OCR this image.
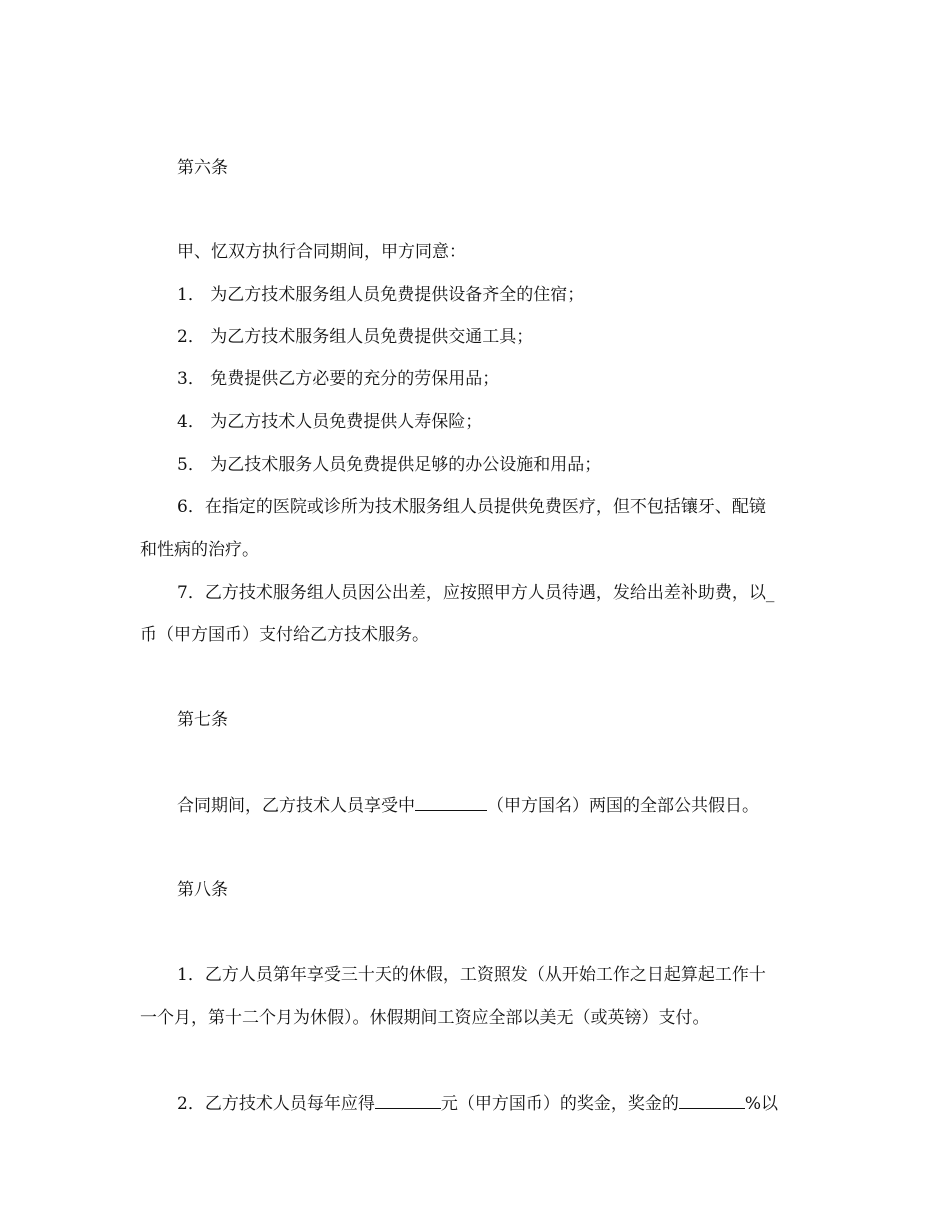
第六条
甲、忆双方执行合同期间，甲方同意：
1． 为乙方技术服务组人员免费提供设备齐全的住宿；
2． 为乙方技术服务组人员免费提供交通工具；
3． 免费提供乙方必要的充分的劳保用品；
4． 为乙方技术人员免费提供人寿保险；
5． 为乙技术服务人员免费提供足够的办公设施和用品；
6．在指定的医院或诊所为技术服务组人员提供免费医疗，但不包括镶牙、配镜
和性病的治疗。
7．乙方技术服务组人员因公出差，应按照甲方人员待遇，发给出差补助费，以_
币（甲方国币）支付给乙方技术服务。
第七条
合同期间，乙方技术人员享受中	（甲方国名）两国的全部公共假日。
第八条
1．乙方人员第年享受三十天的休假，工资照发（从开始工作之日起算起工作十
一个月，第十二个月为休假）。休假期间工资应全部以美无（或英镑）支付。
2．乙方技术人员每年应得	元（甲方国币）的奖金，奖金的	%以
